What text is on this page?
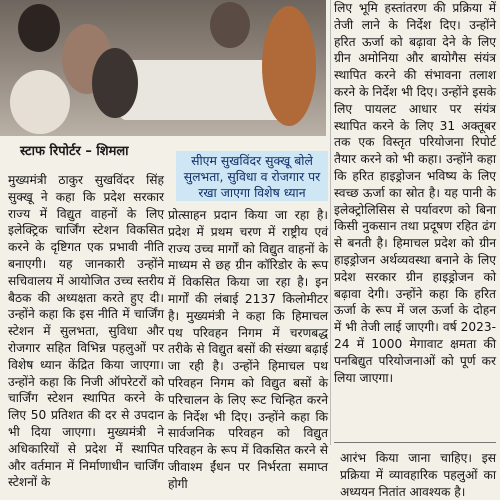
स्टाफ रिपोर्टर – शिमला
सीएम सुखविंदर सुक्खू बोले सुलभता, सुविधा व रोजगार पर रखा जाएगा विशेष ध्यान

मुख्यमंत्री ठाकुर सुखविंदर सिंह सुक्खू ने कहा कि प्रदेश सरकार राज्य में विद्युत वाहनों के लिए इलेक्ट्रिक चार्जिंग स्टेशन विकसित करने के दृष्टिगत एक प्रभावी नीति बनाएगी। यह जानकारी उन्होंने सचिवालय में आयोजित उच्च स्तरीय बैठक की अध्यक्षता करते हुए दी। उन्होंने कहा कि इस नीति में चार्जिंग स्टेशन में सुलभता, सुविधा और रोजगार सहित विभिन्न पहलुओं पर विशेष ध्यान केंद्रित किया जाएगा। उन्होंने कहा कि निजी ऑपरेटरों को चार्जिंग स्टेशन स्थापित करने के लिए 50 प्रतिशत की दर से उपदान भी दिया जाएगा। मुख्यमंत्री ने अधिकारियों से प्रदेश में स्थापित और वर्तमान में निर्माणाधीन चार्जिंग स्टेशनों के

प्रोत्साहन प्रदान किया जा रहा है। प्रदेश में प्रथम चरण में राष्ट्रीय एवं राज्य उच्च मार्गों को विद्युत वाहनों के माध्यम से छह ग्रीन कॉरिडोर के रूप में विकसित किया जा रहा है। इन मार्गों की लंबाई 2137 किलोमीटर है। मुख्यमंत्री ने कहा कि हिमाचल पथ परिवहन निगम में चरणबद्ध तरीके से विद्युत बसों की संख्या बढ़ाई जा रही है। उन्होंने हिमाचल पथ परिवहन निगम को विद्युत बसों के परिचालन के लिए रूट चिन्हित करने के निर्देश भी दिए। उन्होंने कहा कि सार्वजनिक परिवहन को विद्युत परिवहन के रूप में विकसित करने से जीवाश्म ईंधन पर निर्भरता समाप्त होगी

लिए भूमि हस्तांतरण की प्रक्रिया में तेजी लाने के निर्देश दिए। उन्होंने हरित ऊर्जा को बढ़ावा देने के लिए ग्रीन अमोनिया और बायोगैस संयंत्र स्थापित करने की संभावना तलाश करने के निर्देश भी दिए। उन्होंने इसके लिए पायलट आधार पर संयंत्र स्थापित करने के लिए 31 अक्तूबर तक एक विस्तृत परियोजना रिपोर्ट तैयार करने को भी कहा। उन्होंने कहा कि हरित हाइड्रोजन भविष्य के लिए स्वच्छ ऊर्जा का स्रोत है। यह पानी के इलेक्ट्रोलिसिस से पर्यावरण को बिना किसी नुकसान तथा प्रदूषण रहित ढंग से बनती है। हिमाचल प्रदेश को ग्रीन हाइड्रोजन अर्थव्यवस्था बनाने के लिए प्रदेश सरकार ग्रीन हाइड्रोजन को बढ़ावा देगी। उन्होंने कहा कि हरित ऊर्जा के रूप में जल ऊर्जा के दोहन में भी तेजी लाई जाएगी। वर्ष 2023-24 में 1000 मेगावाट क्षमता की पनबिद्युत परियोजनाओं को पूर्ण कर लिया जाएगा।

आरंभ किया जाना चाहिए। इस प्रक्रिया में व्यावहारिक पहलुओं का अध्ययन नितांत आवश्यक है।
